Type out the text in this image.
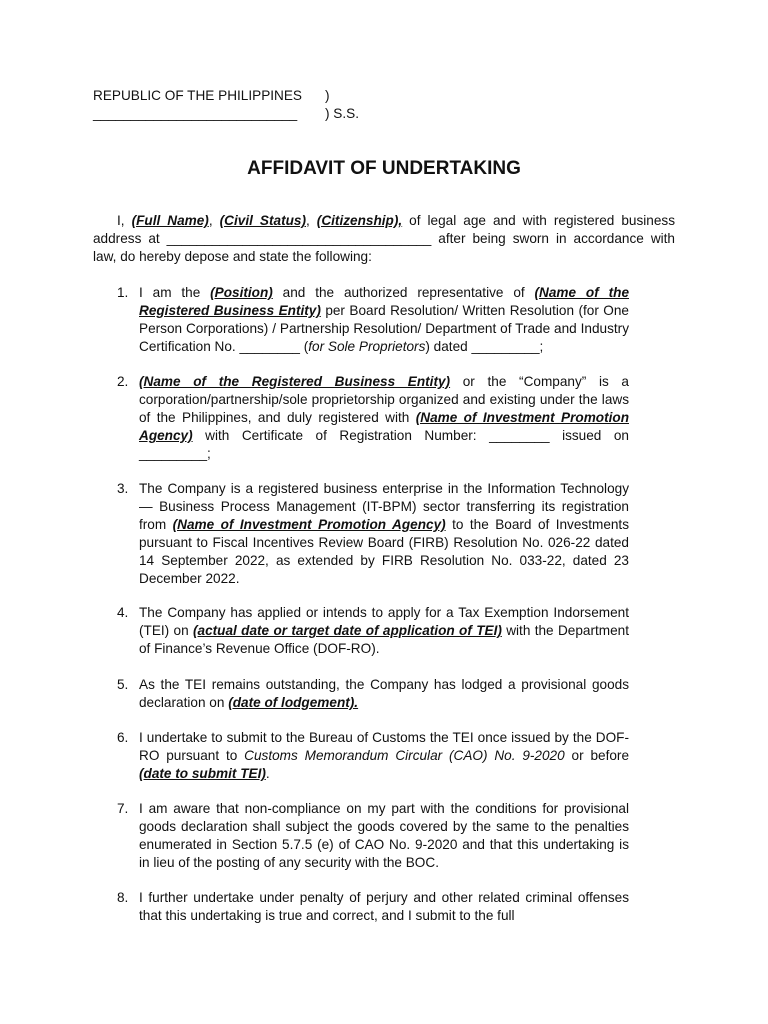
REPUBLIC OF THE PHILIPPINES )
___________________________ ) S.S.
AFFIDAVIT OF UNDERTAKING
I, (Full Name), (Civil Status), (Citizenship), of legal age and with registered business address at ___________________________________ after being sworn in accordance with law, do hereby depose and state the following:
1. I am the (Position) and the authorized representative of (Name of the Registered Business Entity) per Board Resolution/ Written Resolution (for One Person Corporations) / Partnership Resolution/ Department of Trade and Industry Certification No. ________ (for Sole Proprietors) dated _________;
2. (Name of the Registered Business Entity) or the “Company” is a corporation/partnership/sole proprietorship organized and existing under the laws of the Philippines, and duly registered with (Name of Investment Promotion Agency) with Certificate of Registration Number: ________ issued on _________;
3. The Company is a registered business enterprise in the Information Technology — Business Process Management (IT-BPM) sector transferring its registration from (Name of Investment Promotion Agency) to the Board of Investments pursuant to Fiscal Incentives Review Board (FIRB) Resolution No. 026-22 dated 14 September 2022, as extended by FIRB Resolution No. 033-22, dated 23 December 2022.
4. The Company has applied or intends to apply for a Tax Exemption Indorsement (TEI) on (actual date or target date of application of TEI) with the Department of Finance’s Revenue Office (DOF-RO).
5. As the TEI remains outstanding, the Company has lodged a provisional goods declaration on (date of lodgement).
6. I undertake to submit to the Bureau of Customs the TEI once issued by the DOF-RO pursuant to Customs Memorandum Circular (CAO) No. 9-2020 or before (date to submit TEI).
7. I am aware that non-compliance on my part with the conditions for provisional goods declaration shall subject the goods covered by the same to the penalties enumerated in Section 5.7.5 (e) of CAO No. 9-2020 and that this undertaking is in lieu of the posting of any security with the BOC.
8. I further undertake under penalty of perjury and other related criminal offenses that this undertaking is true and correct, and I submit to the full
